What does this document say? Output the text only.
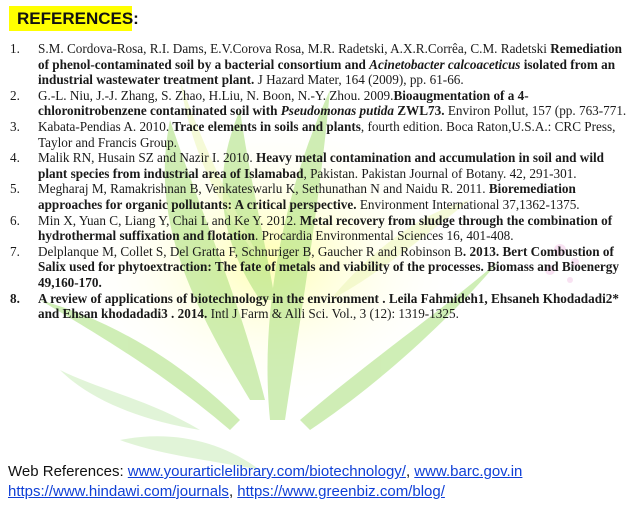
REFERENCES:
1. S.M. Cordova-Rosa, R.I. Dams, E.V.Corova Rosa, M.R. Radetski, A.X.R.Corrêa, C.M. Radetski Remediation of phenol-contaminated soil by a bacterial consortium and Acinetobacter calcoaceticus isolated from an industrial wastewater treatment plant. J Hazard Mater, 164 (2009), pp. 61-66.
2. G.-L. Niu, J.-J. Zhang, S. Zhao, H.Liu, N. Boon, N.-Y. Zhou. 2009.Bioaugmentation of a 4-chloronitrobenzene contaminated soil with Pseudomonas putida ZWL73. Environ Pollut, 157 (pp. 763-771.
3. Kabata-Pendias A. 2010. Trace elements in soils and plants, fourth edition. Boca Raton,U.S.A.: CRC Press, Taylor and Francis Group.
4. Malik RN, Husain SZ and Nazir I. 2010. Heavy metal contamination and accumulation in soil and wild plant species from industrial area of Islamabad, Pakistan. Pakistan Journal of Botany. 42, 291-301.
5. Megharaj M, Ramakrishnan B, Venkateswarlu K, Sethunathan N and Naidu R. 2011. Bioremediation approaches for organic pollutants: A critical perspective. Environment International 37,1362-1375.
6. Min X, Yuan C, Liang Y, Chai L and Ke Y. 2012. Metal recovery from sludge through the combination of hydrothermal suffixation and flotation. Procardia Environmental Sciences 16, 401-408.
7. Delplanque M, Collet S, Del Gratta F, Schnuriger B, Gaucher R and Robinson B. 2013. Bert Combustion of Salix used for phytoextraction: The fate of metals and viability of the processes. Biomass and Bioenergy 49,160-170.
8. A review of applications of biotechnology in the environment . Leila Fahmideh1, Ehsaneh Khodadadi2* and Ehsan khodadadi3 . 2014. Intl J Farm & Alli Sci. Vol., 3 (12): 1319-1325.
Web References: www.yourarticlelibrary.com/biotechnology/, www.barc.gov.in
https://www.hindawi.com/journals, https://www.greenbiz.com/blog/
